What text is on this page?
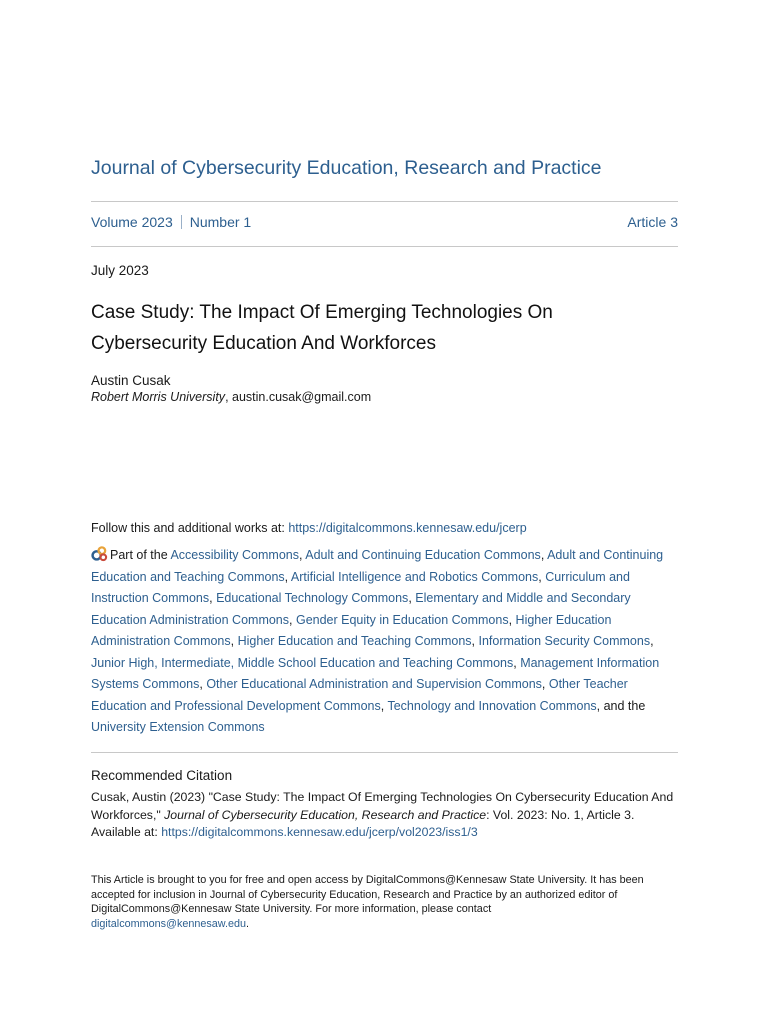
Journal of Cybersecurity Education, Research and Practice
Volume 2023 Number 1	Article 3
July 2023
Case Study: The Impact Of Emerging Technologies On Cybersecurity Education And Workforces
Austin Cusak
Robert Morris University, austin.cusak@gmail.com
Follow this and additional works at: https://digitalcommons.kennesaw.edu/jcerp
Part of the Accessibility Commons, Adult and Continuing Education Commons, Adult and Continuing Education and Teaching Commons, Artificial Intelligence and Robotics Commons, Curriculum and Instruction Commons, Educational Technology Commons, Elementary and Middle and Secondary Education Administration Commons, Gender Equity in Education Commons, Higher Education Administration Commons, Higher Education and Teaching Commons, Information Security Commons, Junior High, Intermediate, Middle School Education and Teaching Commons, Management Information Systems Commons, Other Educational Administration and Supervision Commons, Other Teacher Education and Professional Development Commons, Technology and Innovation Commons, and the University Extension Commons
Recommended Citation
Cusak, Austin (2023) "Case Study: The Impact Of Emerging Technologies On Cybersecurity Education And Workforces," Journal of Cybersecurity Education, Research and Practice: Vol. 2023: No. 1, Article 3.
Available at: https://digitalcommons.kennesaw.edu/jcerp/vol2023/iss1/3
This Article is brought to you for free and open access by DigitalCommons@Kennesaw State University. It has been accepted for inclusion in Journal of Cybersecurity Education, Research and Practice by an authorized editor of DigitalCommons@Kennesaw State University. For more information, please contact
digitalcommons@kennesaw.edu.
